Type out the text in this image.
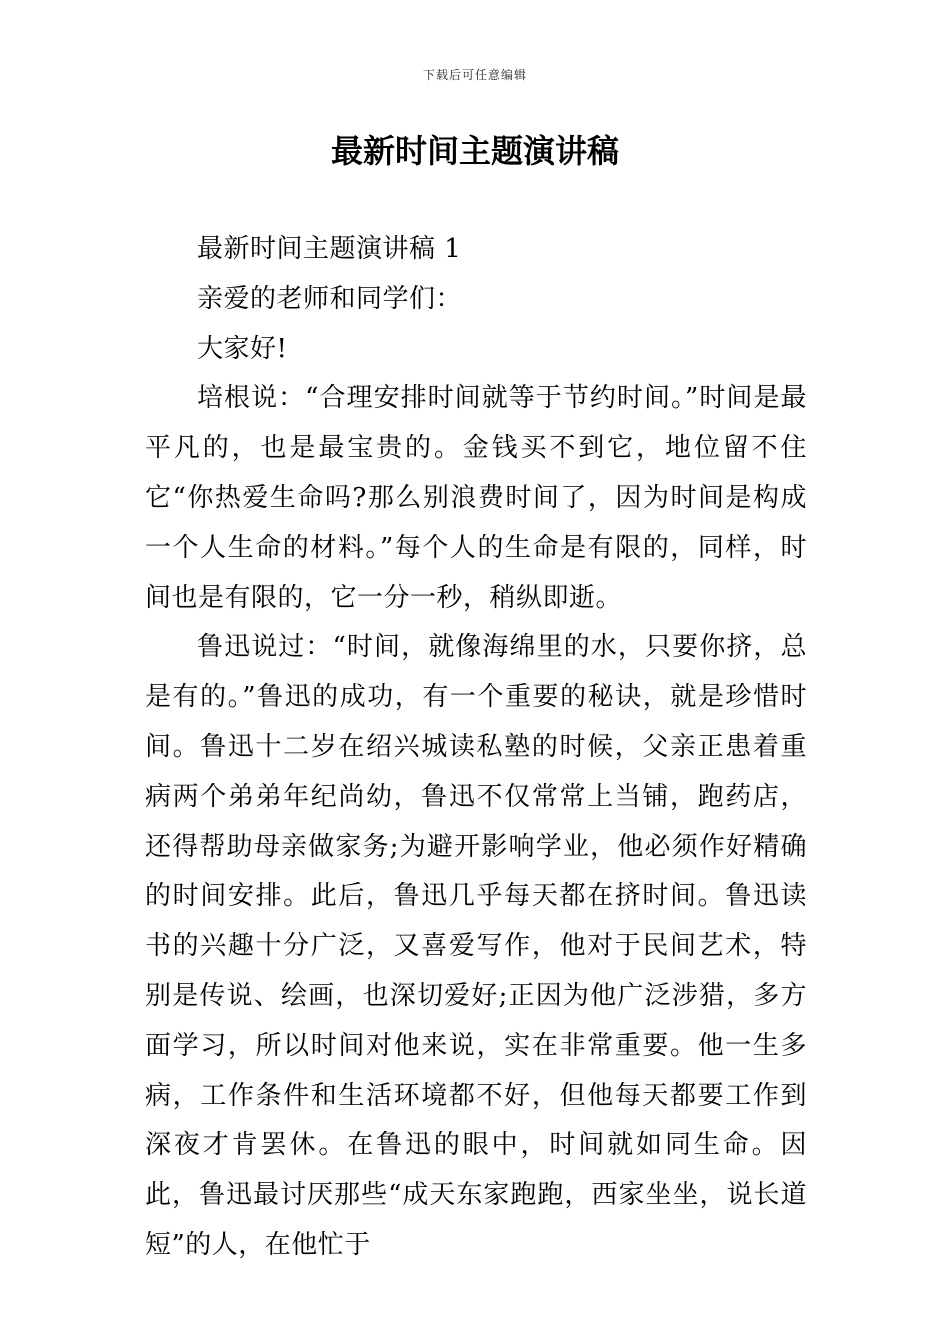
下载后可任意编辑
最新时间主题演讲稿

最新时间主题演讲稿 1

亲爱的老师和同学们：

大家好!

培根说：“合理安排时间就等于节约时间。”时间是最平凡的，也是最宝贵的。金钱买不到它，地位留不住它“你热爱生命吗?那么别浪费时间了，因为时间是构成一个人生命的材料。”每个人的生命是有限的，同样，时间也是有限的，它一分一秒，稍纵即逝。

鲁迅说过：“时间，就像海绵里的水，只要你挤，总是有的。”鲁迅的成功，有一个重要的秘诀，就是珍惜时间。鲁迅十二岁在绍兴城读私塾的时候，父亲正患着重病两个弟弟年纪尚幼，鲁迅不仅常常上当铺，跑药店，还得帮助母亲做家务;为避开影响学业，他必须作好精确的时间安排。此后，鲁迅几乎每天都在挤时间。鲁迅读书的兴趣十分广泛，又喜爱写作，他对于民间艺术，特别是传说、绘画，也深切爱好;正因为他广泛涉猎，多方面学习，所以时间对他来说，实在非常重要。他一生多病，工作条件和生活环境都不好，但他每天都要工作到深夜才肯罢休。在鲁迅的眼中，时间就如同生命。因此，鲁迅最讨厌那些“成天东家跑跑，西家坐坐，说长道短”的人，在他忙于
